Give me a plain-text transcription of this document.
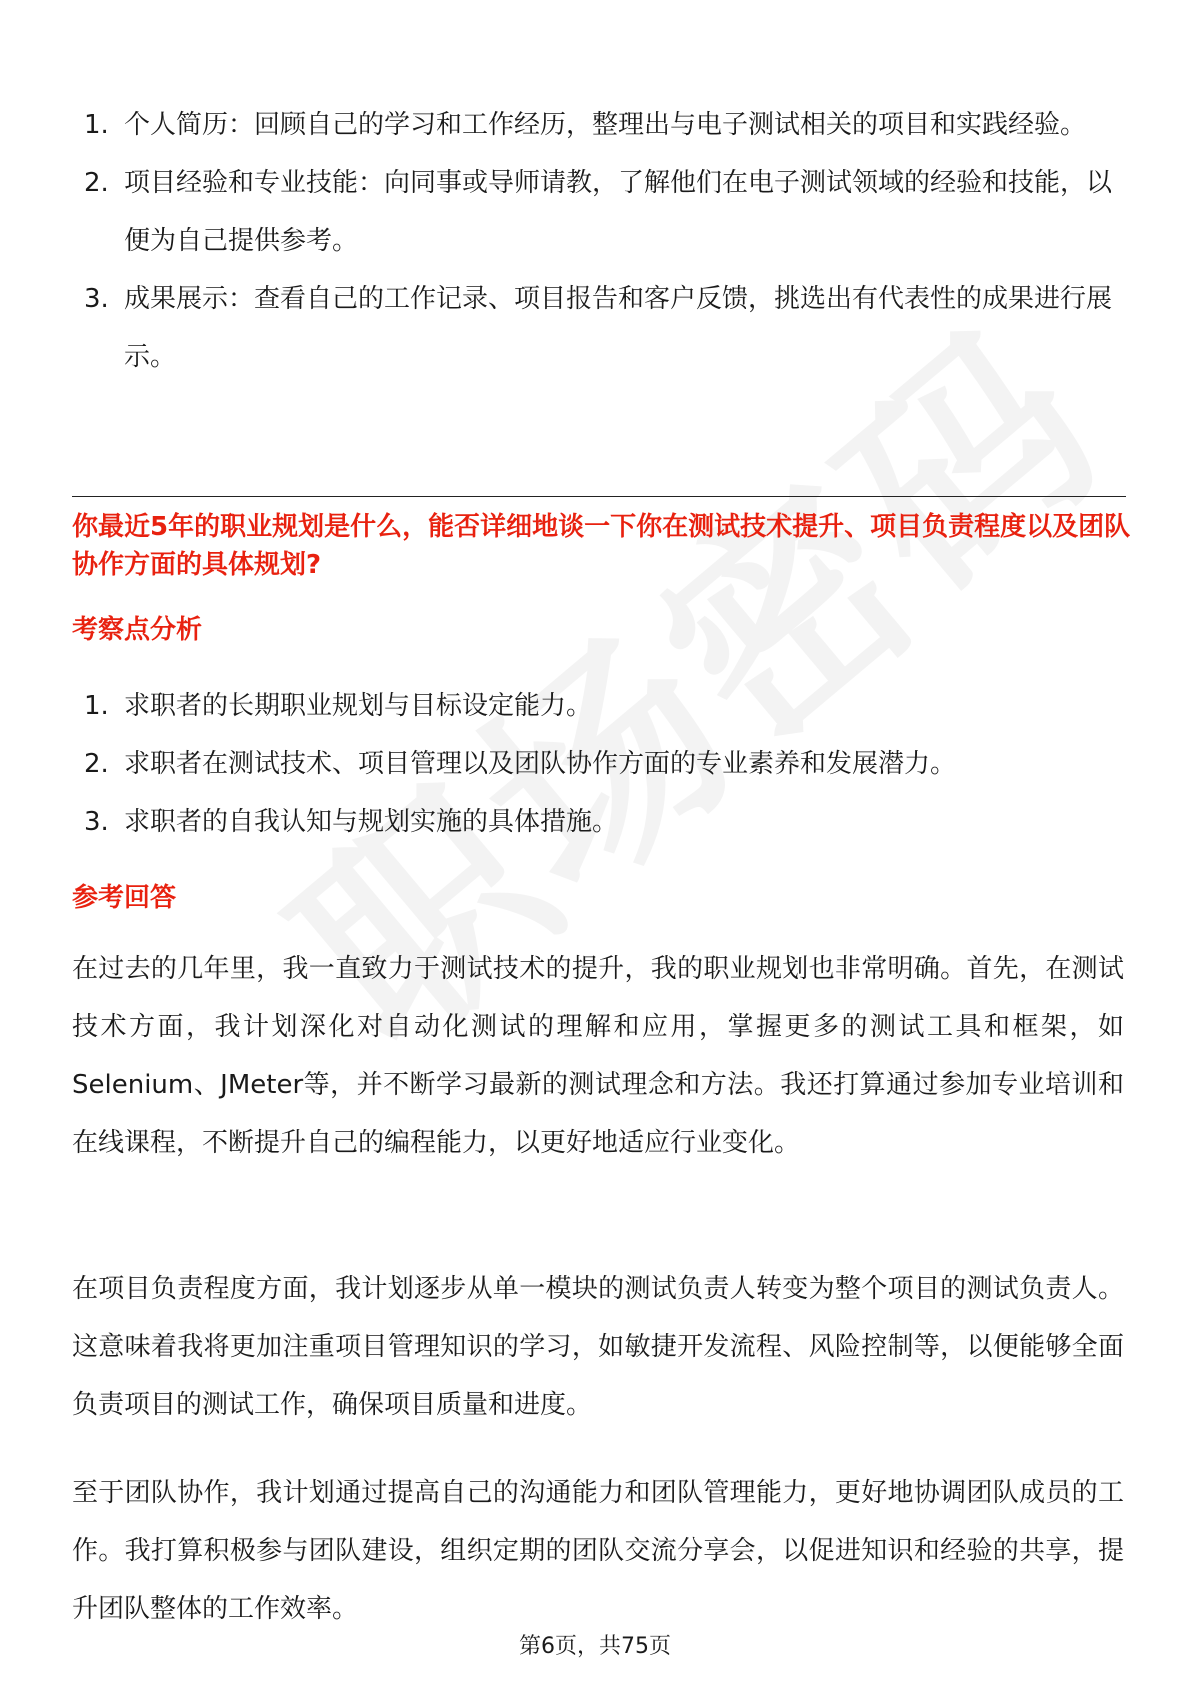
1. 个人简历：回顾自己的学习和工作经历，整理出与电子测试相关的项目和实践经验。
2. 项目经验和专业技能：向同事或导师请教，了解他们在电子测试领域的经验和技能，以便为自己提供参考。
3. 成果展示：查看自己的工作记录、项目报告和客户反馈，挑选出有代表性的成果进行展示。
你最近5年的职业规划是什么，能否详细地谈一下你在测试技术提升、项目负责程度以及团队协作方面的具体规划?
考察点分析
1. 求职者的长期职业规划与目标设定能力。
2. 求职者在测试技术、项目管理以及团队协作方面的专业素养和发展潜力。
3. 求职者的自我认知与规划实施的具体措施。
参考回答

在过去的几年里，我一直致力于测试技术的提升，我的职业规划也非常明确。首先，在测试技术方面，我计划深化对自动化测试的理解和应用，掌握更多的测试工具和框架，如Selenium、JMeter等，并不断学习最新的测试理念和方法。我还打算通过参加专业培训和在线课程，不断提升自己的编程能力，以更好地适应行业变化。

在项目负责程度方面，我计划逐步从单一模块的测试负责人转变为整个项目的测试负责人。这意味着我将更加注重项目管理知识的学习，如敏捷开发流程、风险控制等，以便能够全面负责项目的测试工作，确保项目质量和进度。

至于团队协作，我计划通过提高自己的沟通能力和团队管理能力，更好地协调团队成员的工作。我打算积极参与团队建设，组织定期的团队交流分享会，以促进知识和经验的共享，提升团队整体的工作效率。

第6页，共75页
